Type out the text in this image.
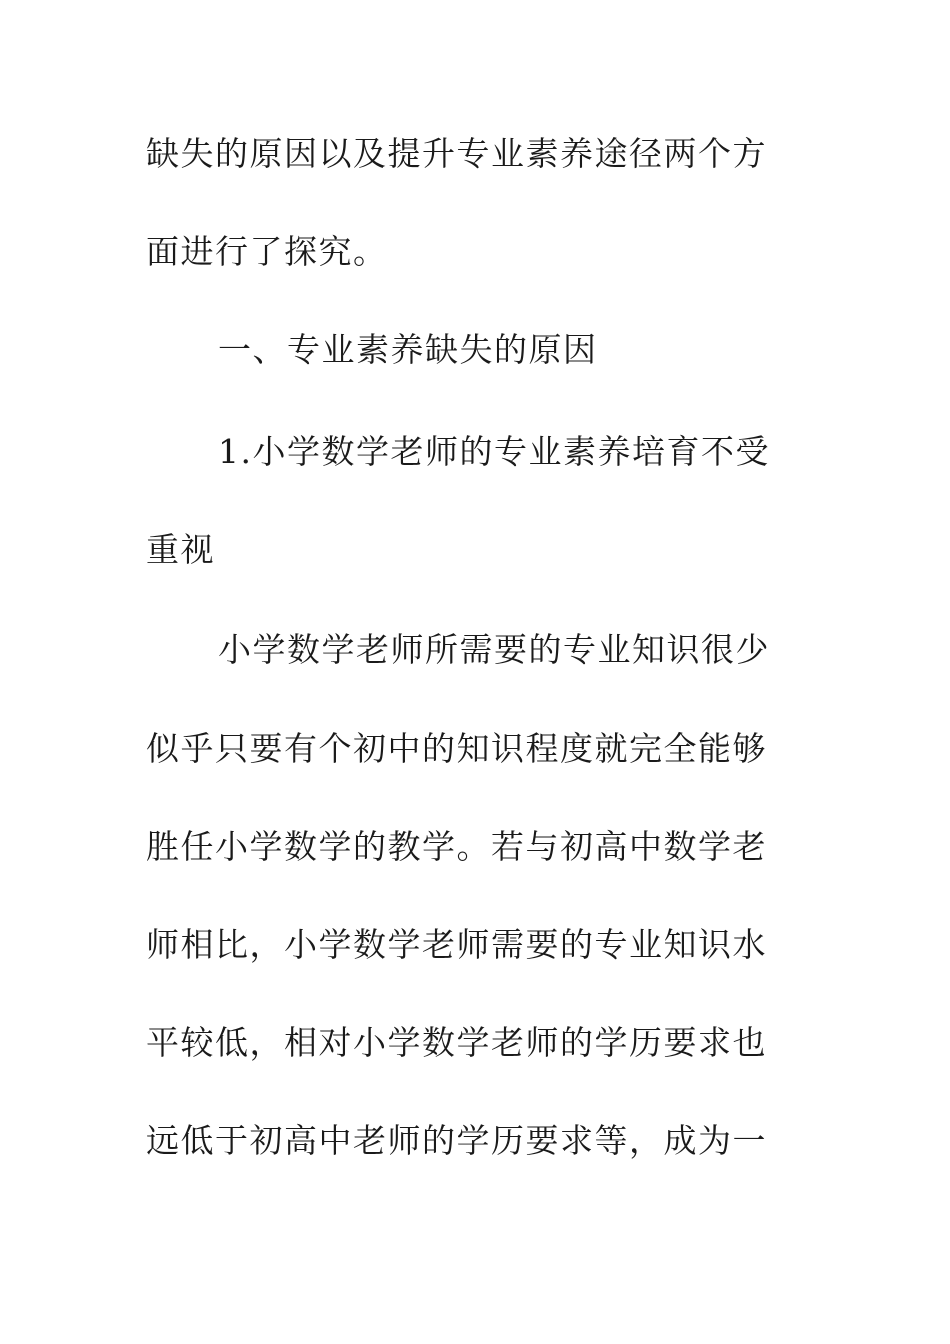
缺失的原因以及提升专业素养途径两个方
面进行了探究。
一、专业素养缺失的原因
1.小学数学老师的专业素养培育不受
重视
小学数学老师所需要的专业知识很少
似乎只要有个初中的知识程度就完全能够
胜任小学数学的教学。若与初高中数学老
师相比，小学数学老师需要的专业知识水
平较低，相对小学数学老师的学历要求也
远低于初高中老师的学历要求等，成为一
